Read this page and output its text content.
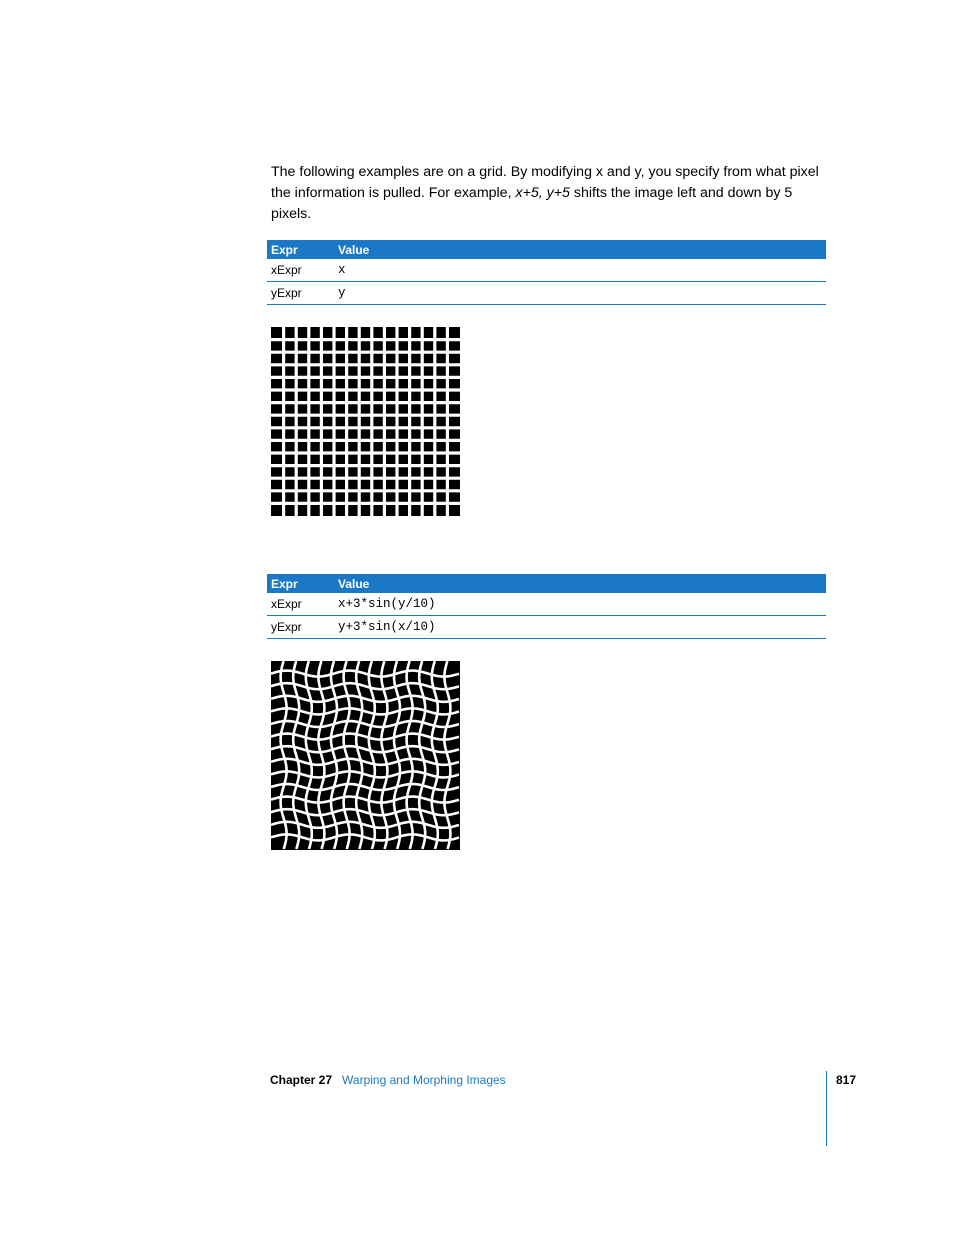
The following examples are on a grid. By modifying x and y, you specify from what pixel the information is pulled. For example, x+5, y+5 shifts the image left and down by 5 pixels.

Expr	Value
xExpr	x
yExpr	y
Expr	Value
xExpr	x+3*sin(y/10)
yExpr	y+3*sin(x/10)
Chapter 27 Warping and Morphing Images	817
